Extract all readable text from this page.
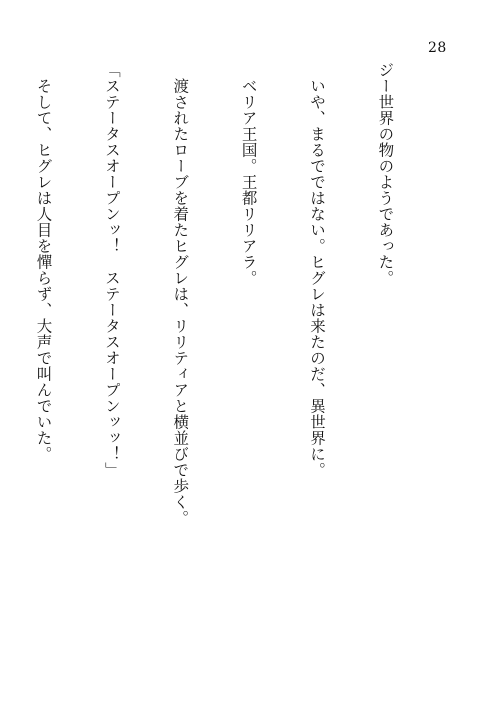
28

ジー世界の物のようであった。

　いや、まるでではない。ヒグレは来たのだ、異世界に。

　ベリア王国。王都リリアラ。

　渡されたローブを着たヒグレは、リリティアと横並びで歩く。

「ステータスオープンッ！　ステータスオープンッッ！」

　そして、ヒグレは人目を憚らず、大声で叫んでいた。
